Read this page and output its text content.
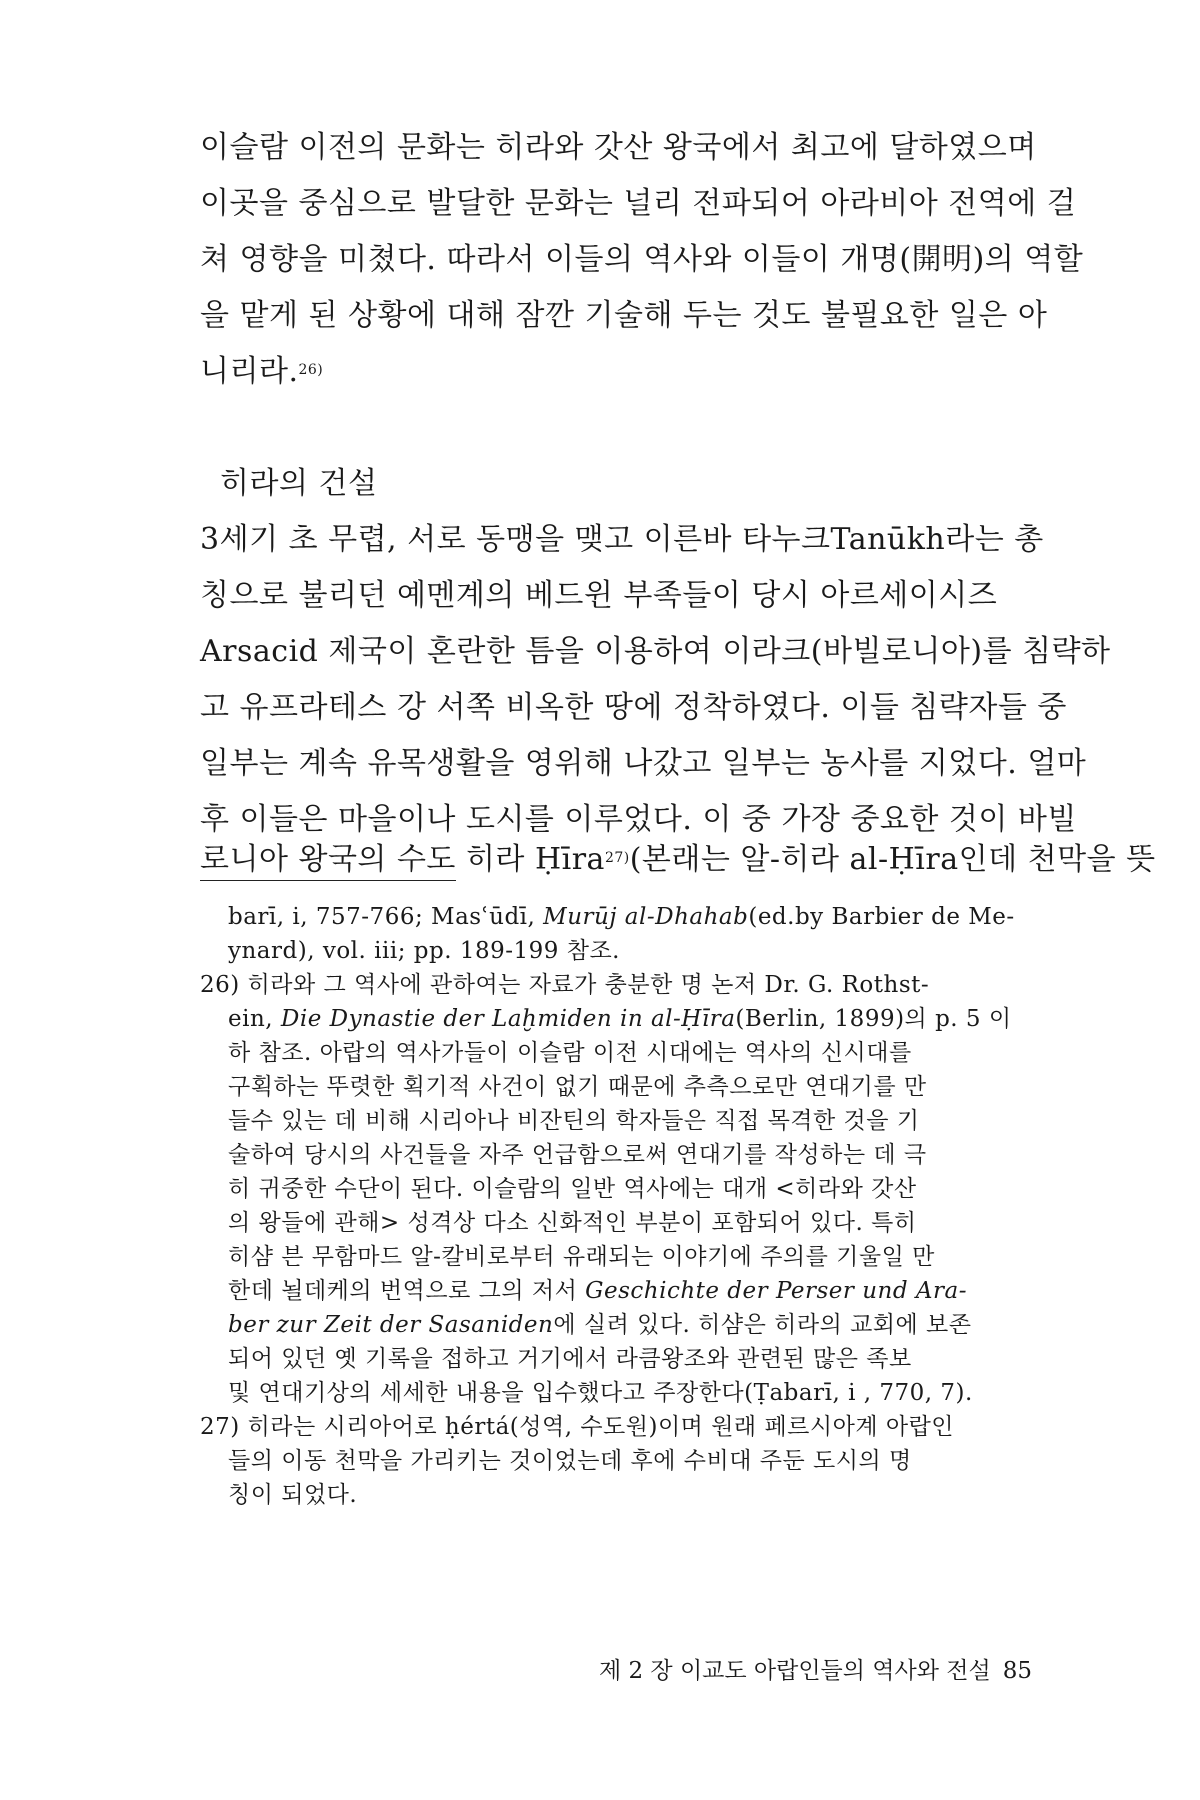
이슬람 이전의 문화는 히라와 갓산 왕국에서 최고에 달하였으며
이곳을 중심으로 발달한 문화는 널리 전파되어 아라비아 전역에 걸
쳐 영향을 미쳤다. 따라서 이들의 역사와 이들이 개명(開明)의 역할
을 맡게 된 상황에 대해 잠깐 기술해 두는 것도 불필요한 일은 아
니리라.$^{26)}$
히라의 건설
3세기 초 무렵, 서로 동맹을 맺고 이른바 타누크Tanūkh라는 총
칭으로 불리던 예멘계의 베드윈 부족들이 당시 아르세이시즈
Arsacid 제국이 혼란한 틈을 이용하여 이라크(바빌로니아)를 침략하
고 유프라테스 강 서쪽 비옥한 땅에 정착하였다. 이들 침략자들 중
일부는 계속 유목생활을 영위해 나갔고 일부는 농사를 지었다. 얼마
후 이들은 마을이나 도시를 이루었다. 이 중 가장 중요한 것이 바빌
로니아 왕국의 수도 히라 Ḥīra$^{27)}$(본래는 알-히라 al-Ḥīra인데 천막을 뜻
barī, i, 757-766; Masʿūdī, Murūj al-Dhahab(ed.by Barbier de Me-
ynard), vol. iii; pp. 189-199 참조.
26) 히라와 그 역사에 관하여는 자료가 충분한 명 논저 Dr. G. Rothst-
ein, Die Dynastie der Laḫmiden in al-Ḥīra(Berlin, 1899)의 p. 5 이
하 참조. 아랍의 역사가들이 이슬람 이전 시대에는 역사의 신시대를
구획하는 뚜렷한 획기적 사건이 없기 때문에 추측으로만 연대기를 만
들수 있는 데 비해 시리아나 비잔틴의 학자들은 직접 목격한 것을 기
술하여 당시의 사건들을 자주 언급함으로써 연대기를 작성하는 데 극
히 귀중한 수단이 된다. 이슬람의 일반 역사에는 대개 <히라와 갓산
의 왕들에 관해> 성격상 다소 신화적인 부분이 포함되어 있다. 특히
히샴 븐 무함마드 알-칼비로부터 유래되는 이야기에 주의를 기울일 만
한데 뇔데케의 번역으로 그의 저서 Geschichte der Perser und Ara-
ber zur Zeit der Sasaniden에 실려 있다. 히샴은 히라의 교회에 보존
되어 있던 옛 기록을 접하고 거기에서 라큼왕조와 관련된 많은 족보
및 연대기상의 세세한 내용을 입수했다고 주장한다(Ṭabarī, i , 770, 7).
27) 히라는 시리아어로 ḥértá(성역, 수도원)이며 원래 페르시아계 아랍인
들의 이동 천막을 가리키는 것이었는데 후에 수비대 주둔 도시의 명
칭이 되었다.
제 2 장 이교도 아랍인들의 역사와 전설 85
